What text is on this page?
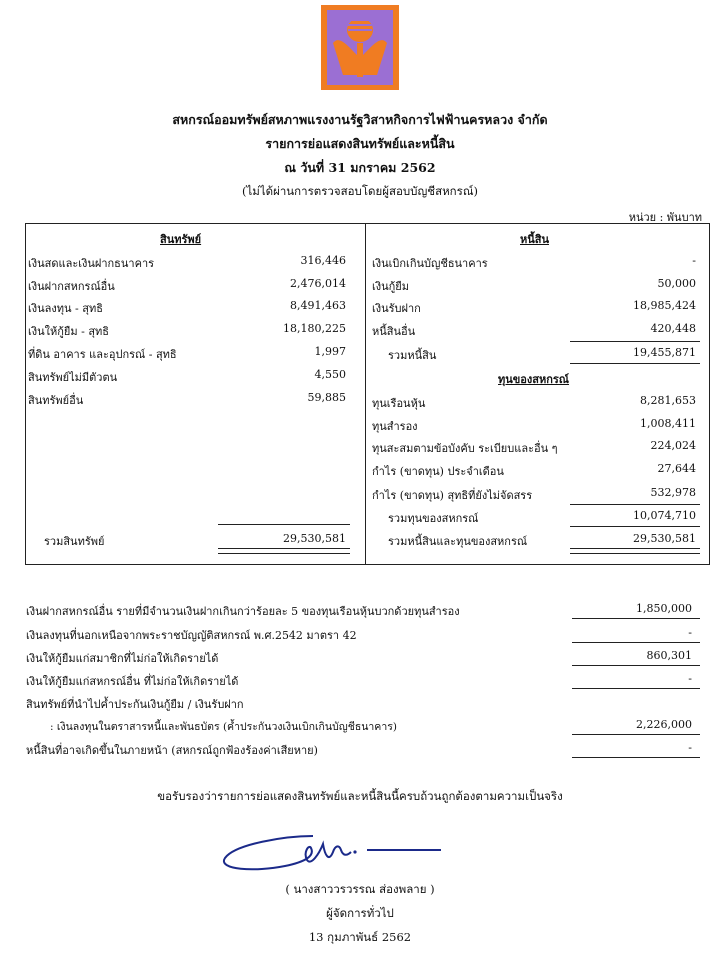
สหกรณ์ออมทรัพย์สหภาพแรงงานรัฐวิสาหกิจการไฟฟ้านครหลวง จำกัด
รายการย่อแสดงสินทรัพย์และหนี้สิน
ณ วันที่ 31 มกราคม 2562
(ไม่ได้ผ่านการตรวจสอบโดยผู้สอบบัญชีสหกรณ์)
หน่วย : พันบาท
สินทรัพย์
เงินสดและเงินฝากธนาคาร	316,446
เงินฝากสหกรณ์อื่น	2,476,014
เงินลงทุน - สุทธิ	8,491,463
เงินให้กู้ยืม - สุทธิ	18,180,225
ที่ดิน อาคาร และอุปกรณ์ - สุทธิ	1,997
สินทรัพย์ไม่มีตัวตน	4,550
สินทรัพย์อื่น	59,885
รวมสินทรัพย์	29,530,581
หนี้สิน
เงินเบิกเกินบัญชีธนาคาร	-
เงินกู้ยืม	50,000
เงินรับฝาก	18,985,424
หนี้สินอื่น	420,448
รวมหนี้สิน	19,455,871
ทุนของสหกรณ์
ทุนเรือนหุ้น	8,281,653
ทุนสำรอง	1,008,411
ทุนสะสมตามข้อบังคับ ระเบียบและอื่น ๆ	224,024
กำไร (ขาดทุน) ประจำเดือน	27,644
กำไร (ขาดทุน) สุทธิที่ยังไม่จัดสรร	532,978
รวมทุนของสหกรณ์	10,074,710
รวมหนี้สินและทุนของสหกรณ์	29,530,581
เงินฝากสหกรณ์อื่น รายที่มีจำนวนเงินฝากเกินกว่าร้อยละ 5 ของทุนเรือนหุ้นบวกด้วยทุนสำรอง	1,850,000
เงินลงทุนที่นอกเหนือจากพระราชบัญญัติสหกรณ์ พ.ศ.2542 มาตรา 42	-
เงินให้กู้ยืมแก่สมาชิกที่ไม่ก่อให้เกิดรายได้	860,301
เงินให้กู้ยืมแก่สหกรณ์อื่น ที่ไม่ก่อให้เกิดรายได้	-
สินทรัพย์ที่นำไปค้ำประกันเงินกู้ยืม / เงินรับฝาก
: เงินลงทุนในตราสารหนี้และพันธบัตร (ค้ำประกันวงเงินเบิกเกินบัญชีธนาคาร)	2,226,000
หนี้สินที่อาจเกิดขึ้นในภายหน้า (สหกรณ์ถูกฟ้องร้องค่าเสียหาย)	-
ขอรับรองว่ารายการย่อแสดงสินทรัพย์และหนี้สินนี้ครบถ้วนถูกต้องตามความเป็นจริง
( นางสาววรวรรณ ส่องพลาย )
ผู้จัดการทั่วไป
13 กุมภาพันธ์ 2562
